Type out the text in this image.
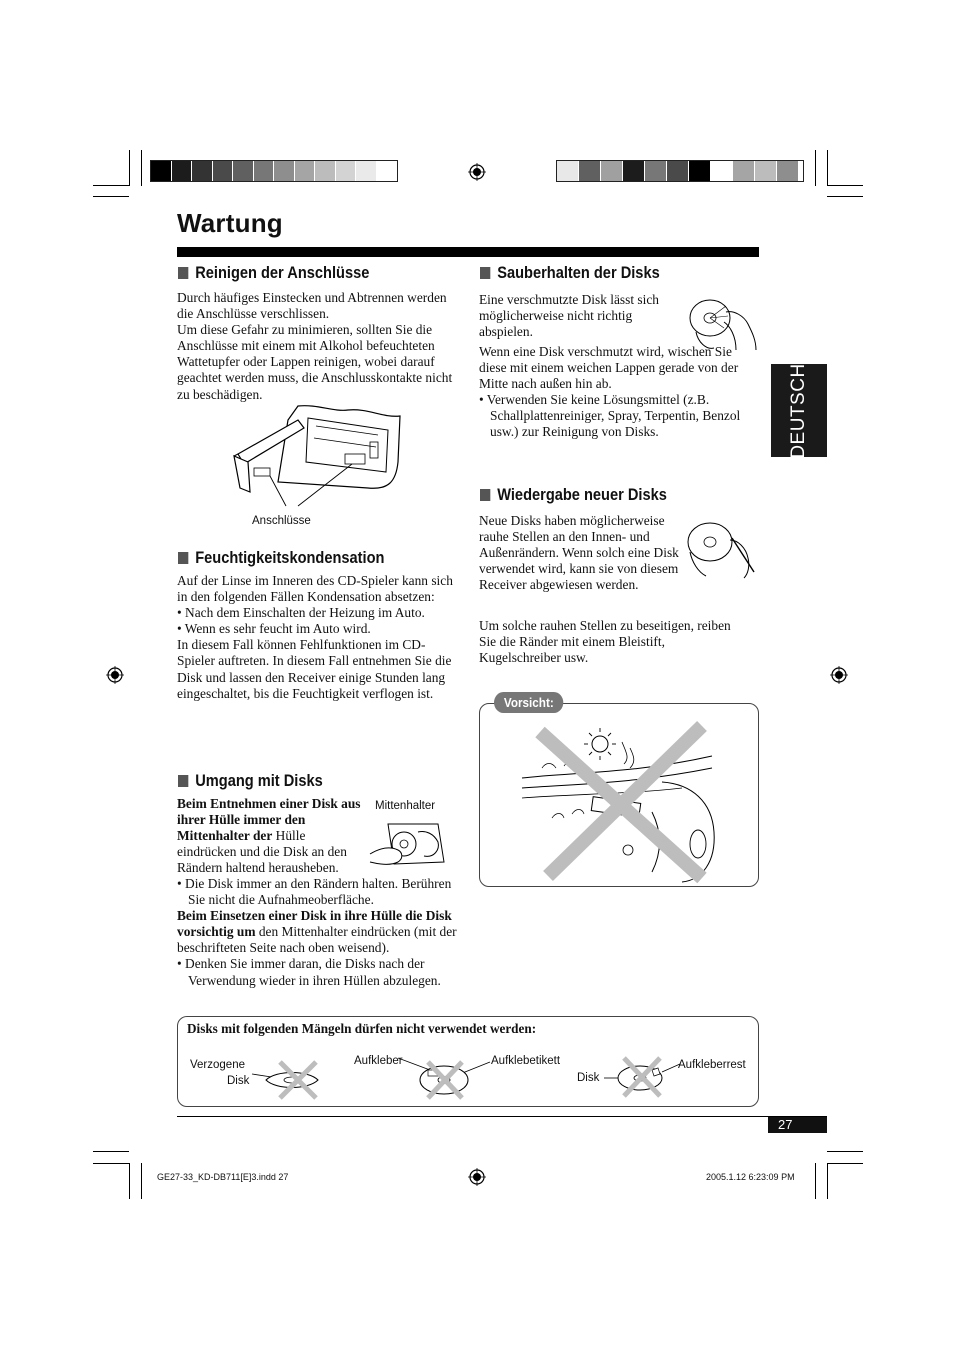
Wartung
DEUTSCH
Reinigen der Anschlüsse

Durch häufiges Einstecken und Abtrennen werden die Anschlüsse verschlissen.

Um diese Gefahr zu minimieren, sollten Sie die Anschlüsse mit einem mit Alkohol befeuchteten Wattetupfer oder Lappen reinigen, wobei darauf geachtet werden muss, die Anschlusskontakte nicht zu beschädigen.

Anschlüsse
Feuchtigkeitskondensation

Auf der Linse im Inneren des CD-Spieler kann sich in den folgenden Fällen Kondensation absetzen:

• Nach dem Einschalten der Heizung im Auto.

• Wenn es sehr feucht im Auto wird.

In diesem Fall können Fehlfunktionen im CD-Spieler auftreten. In diesem Fall entnehmen Sie die Disk und lassen den Receiver einige Stunden lang eingeschaltet, bis die Feuchtigkeit verflogen ist.

Umgang mit Disks

Beim Entnehmen einer Disk aus ihrer Hülle immer den Mittenhalter der Hülle eindrücken und die Disk an den Rändern haltend herausheben.

Mittenhalter

• Die Disk immer an den Rändern halten. Berühren Sie nicht die Aufnahmeoberfläche.

Beim Einsetzen einer Disk in ihre Hülle die Disk vorsichtig um den Mittenhalter eindrücken (mit der beschrifteten Seite nach oben weisend).

• Denken Sie immer daran, die Disks nach der Verwendung wieder in ihren Hüllen abzulegen.

Sauberhalten der Disks

Eine verschmutzte Disk lässt sich möglicherweise nicht richtig abspielen.

Wenn eine Disk verschmutzt wird, wischen Sie diese mit einem weichen Lappen gerade von der Mitte nach außen hin ab.

• Verwenden Sie keine Lösungsmittel (z.B. Schallplattenreiniger, Spray, Terpentin, Benzol usw.) zur Reinigung von Disks.

Wiedergabe neuer Disks

Neue Disks haben möglicherweise rauhe Stellen an den Innen- und Außenrändern. Wenn solch eine Disk verwendet wird, kann sie von diesem Receiver abgewiesen werden.

Um solche rauhen Stellen zu beseitigen, reiben Sie die Ränder mit einem Bleistift, Kugelschreiber usw.

Vorsicht:
Disks mit folgenden Mängeln dürfen nicht verwendet werden:
Verzogene
Disk
Aufkleber	Aufklebetikett
Disk
Aufkleberrest
27
GE27-33_KD-DB711[E]3.indd 27	2005.1.12 6:23:09 PM
